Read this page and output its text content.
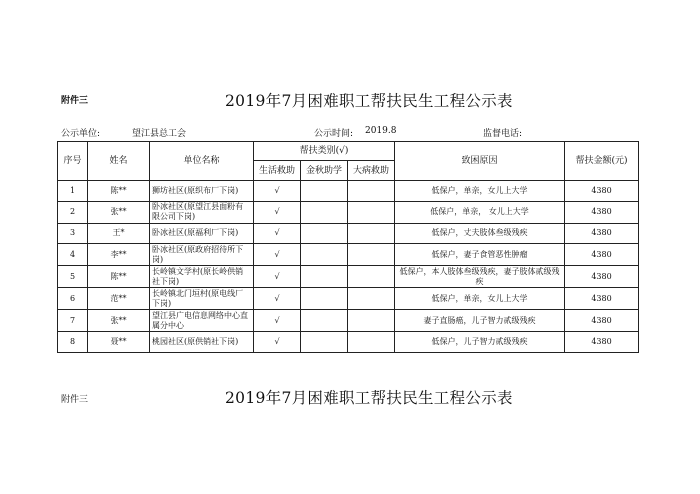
附件三	2019年7月困难职工帮扶民生工程公示表
公示单位:	望江县总工会	公示时间: 2019.8	监督电话:
序号	姓名	单位名称	帮扶类别(√)			致困原因	帮扶金额(元)
			生活救助	金秋助学	大病救助		
1	陈**	狮坊社区(原织布厂下岗)	√			低保户，单亲，女儿上大学	4380
2	张**	卧冰社区(原望江县面粉有限公司下岗)	√			低保户，单亲， 女儿上大学	4380
3	王*	卧冰社区(原福利厂下岗)	√			低保户，丈夫肢体叁级残疾	4380
4	李**	卧冰社区(原政府招待所下岗)	√			低保户，妻子食管恶性肿瘤	4380
5	陈**	长岭镇文学村(原长岭供销社下岗)	√			低保户，本人肢体叁级残疾，妻子肢体贰级残疾	4380
6	范**	长岭镇北门垣村(原电线厂下岗)	√			低保户，单亲，女儿上大学	4380
7	张**	望江县广电信息网络中心直属分中心	√			妻子直肠癌，儿子智力贰级残疾	4380
8	聂**	桃园社区(原供销社下岗)	√			低保户，儿子智力贰级残疾	4380
附件三	2019年7月困难职工帮扶民生工程公示表
